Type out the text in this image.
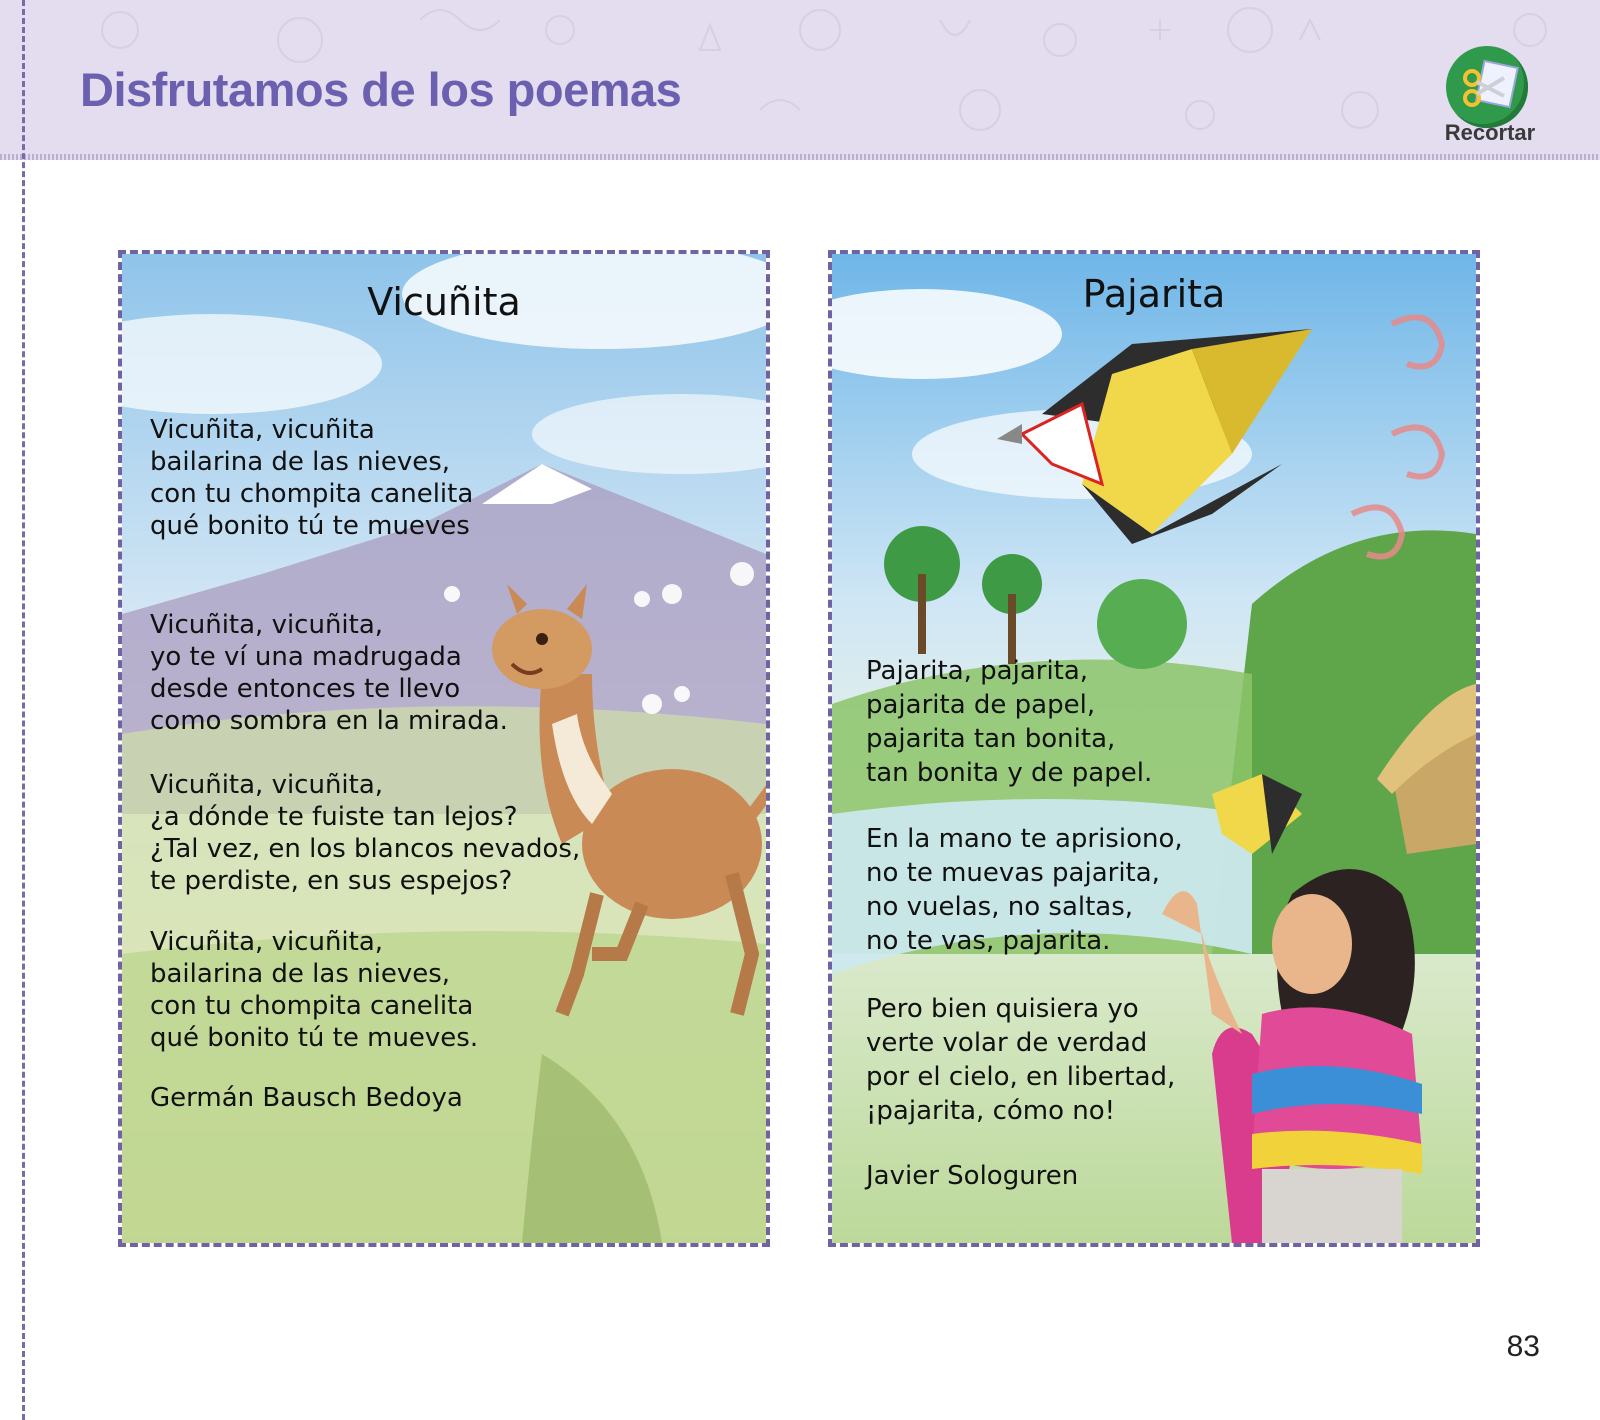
Disfrutamos de los poemas
Recortar
Vicuñita

Vicuñita, vicuñita
bailarina de las nieves,
con tu chompita canelita
qué bonito tú te mueves

Vicuñita, vicuñita,
yo te ví una madrugada
desde entonces te llevo
como sombra en la mirada.

Vicuñita, vicuñita,
¿a dónde te fuiste tan lejos?
¿Tal vez, en los blancos nevados,
te perdiste, en sus espejos?

Vicuñita, vicuñita,
bailarina de las nieves,
con tu chompita canelita
qué bonito tú te mueves.

Germán Bausch Bedoya

Pajarita

Pajarita, pajarita,
pajarita de papel,
pajarita tan bonita,
tan bonita y de papel.

En la mano te aprisiono,
no te muevas pajarita,
no vuelas, no saltas,
no te vas, pajarita.

Pero bien quisiera yo
verte volar de verdad
por el cielo, en libertad,
¡pajarita, cómo no!

Javier Sologuren

83
